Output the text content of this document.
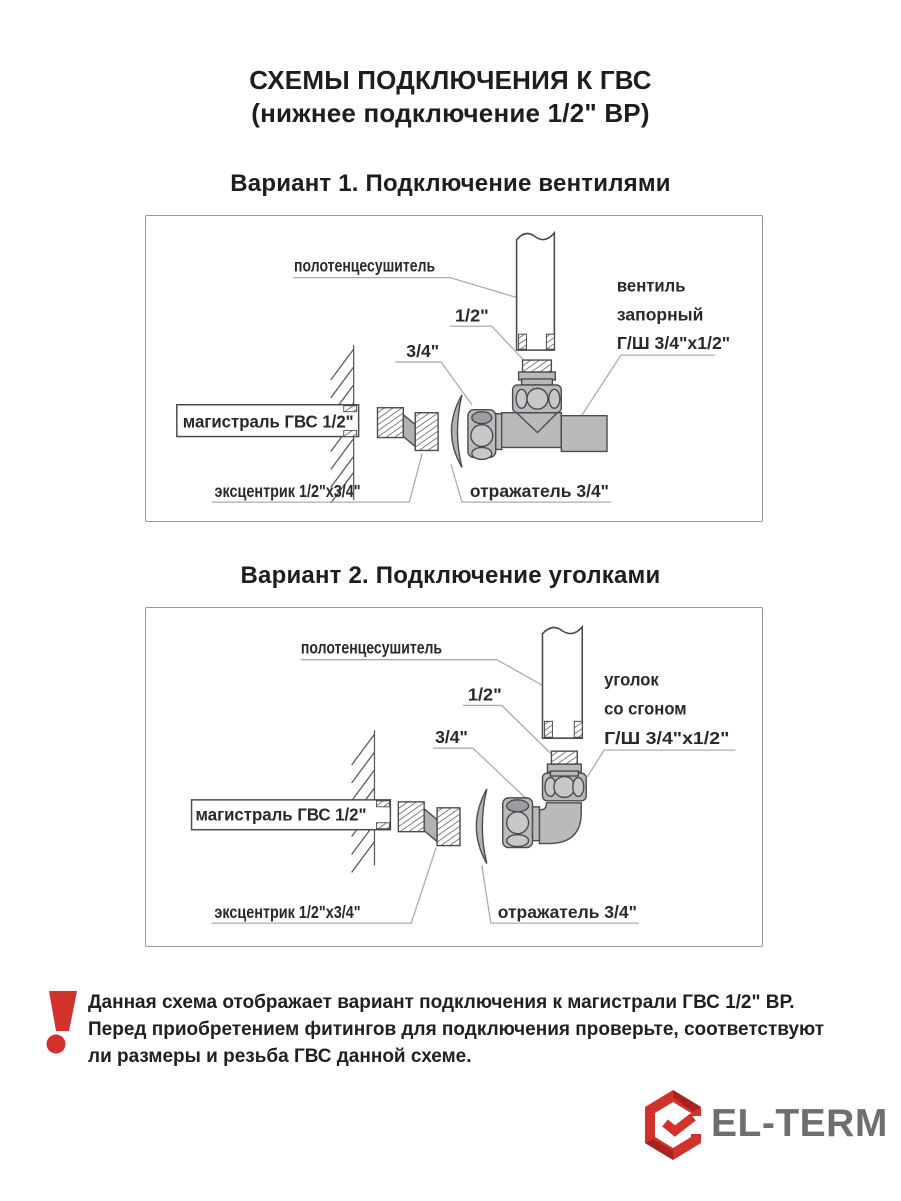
СХЕМЫ ПОДКЛЮЧЕНИЯ К ГВС
(нижнее подключение 1/2" ВР)
Вариант 1. Подключение вентилями
полотенцесушитель
1/2"
3/4"
вентиль
запорный
Г/Ш 3/4"x1/2"
магистраль ГВС 1/2"
эксцентрик 1/2"x3/4"	отражатель 3/4"
Вариант 2. Подключение уголками
полотенцесушитель
1/2"
3/4"
уголок
со сгоном
Г/Ш 3/4"x1/2"
магистраль ГВС 1/2"
эксцентрик 1/2"x3/4"	отражатель 3/4"
Данная схема отображает вариант подключения к магистрали ГВС 1/2" ВР.
Перед приобретением фитингов для подключения проверьте, соответствуют
ли размеры и резьба ГВС данной схеме.
EL-TERM
